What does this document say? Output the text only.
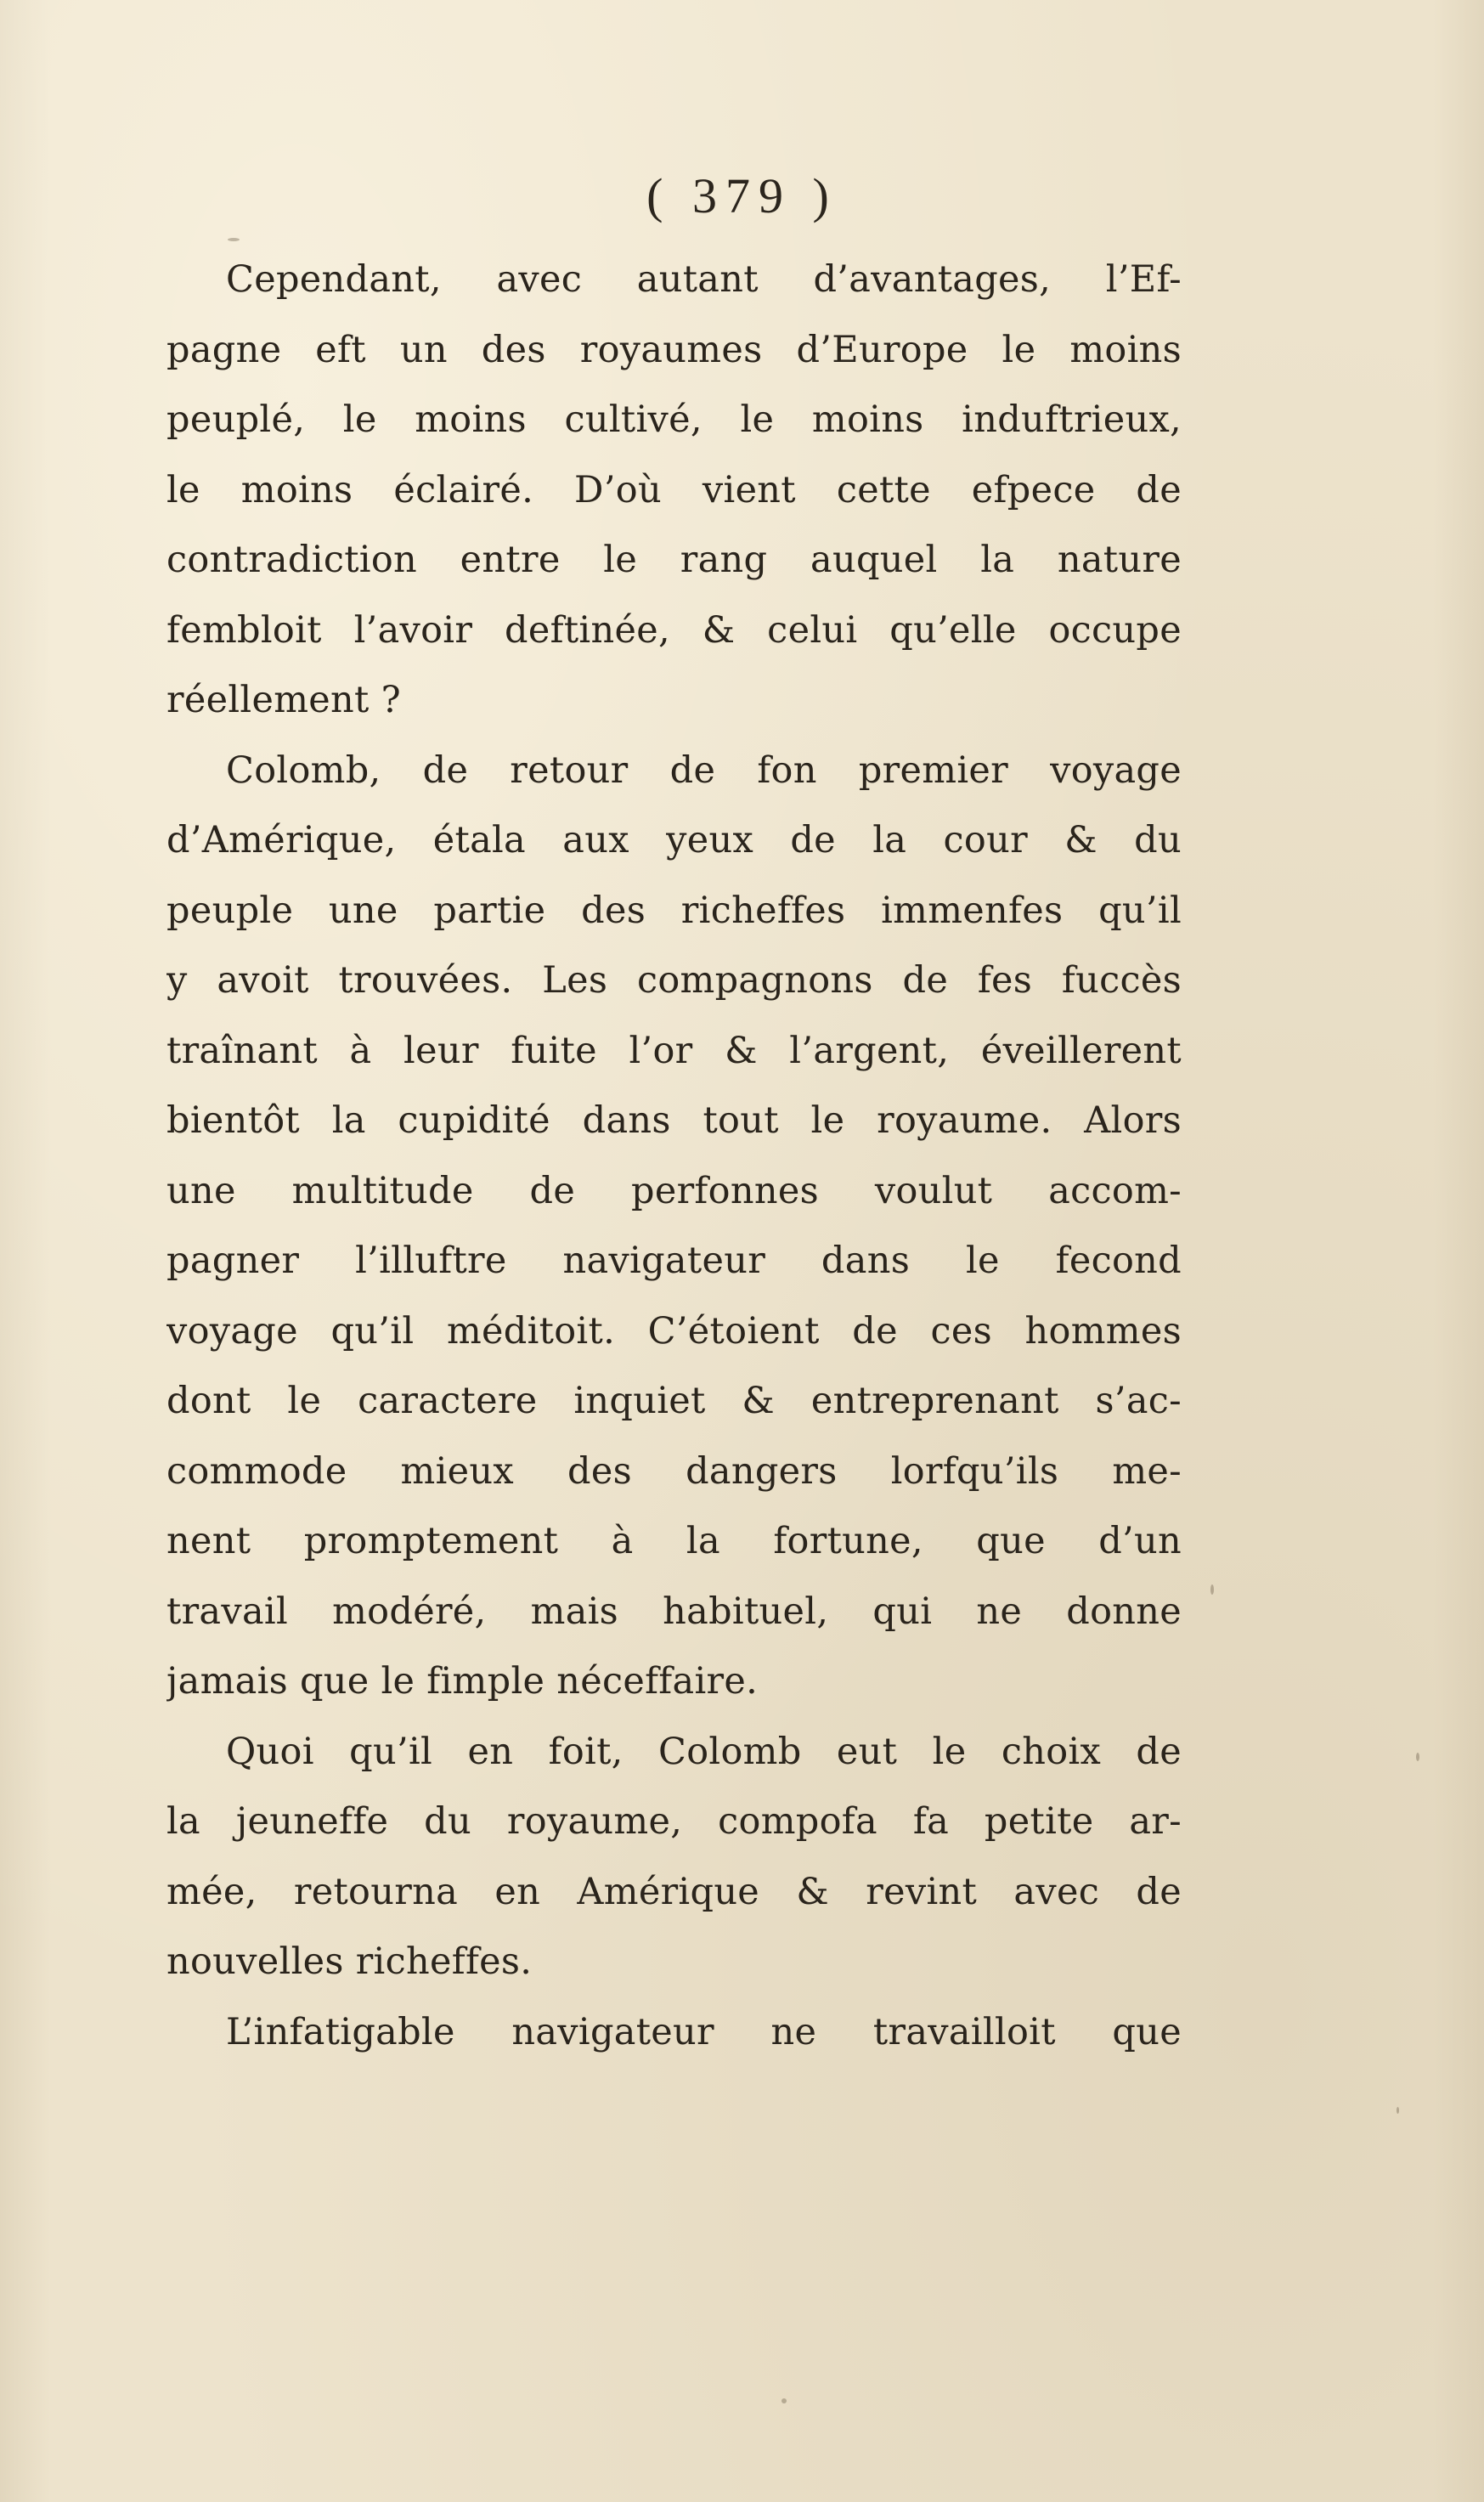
( 379 )
Cependant, avec autant d’avantages, l’Ef-
pagne eft un des royaumes d’Europe le moins
peuplé, le moins cultivé, le moins induftrieux,
le moins éclairé. D’où vient cette efpece de
contradiction entre le rang auquel la nature
fembloit l’avoir deftinée, & celui qu’elle occupe
réellement ?
Colomb, de retour de fon premier voyage
d’Amérique, étala aux yeux de la cour & du
peuple une partie des richeffes immenfes qu’il
y avoit trouvées. Les compagnons de fes fuccès
traînant à leur fuite l’or & l’argent, éveillerent
bientôt la cupidité dans tout le royaume. Alors
une multitude de perfonnes voulut accom-
pagner l’illuftre navigateur dans le fecond
voyage qu’il méditoit. C’étoient de ces hommes
dont le caractere inquiet & entreprenant s’ac-
commode mieux des dangers lorfqu’ils me-
nent promptement à la fortune, que d’un
travail modéré, mais habituel, qui ne donne
jamais que le fimple néceffaire.
Quoi qu’il en foit, Colomb eut le choix de
la jeuneffe du royaume, compofa fa petite ar-
mée, retourna en Amérique & revint avec de
nouvelles richeffes.
L’infatigable navigateur ne travailloit que
